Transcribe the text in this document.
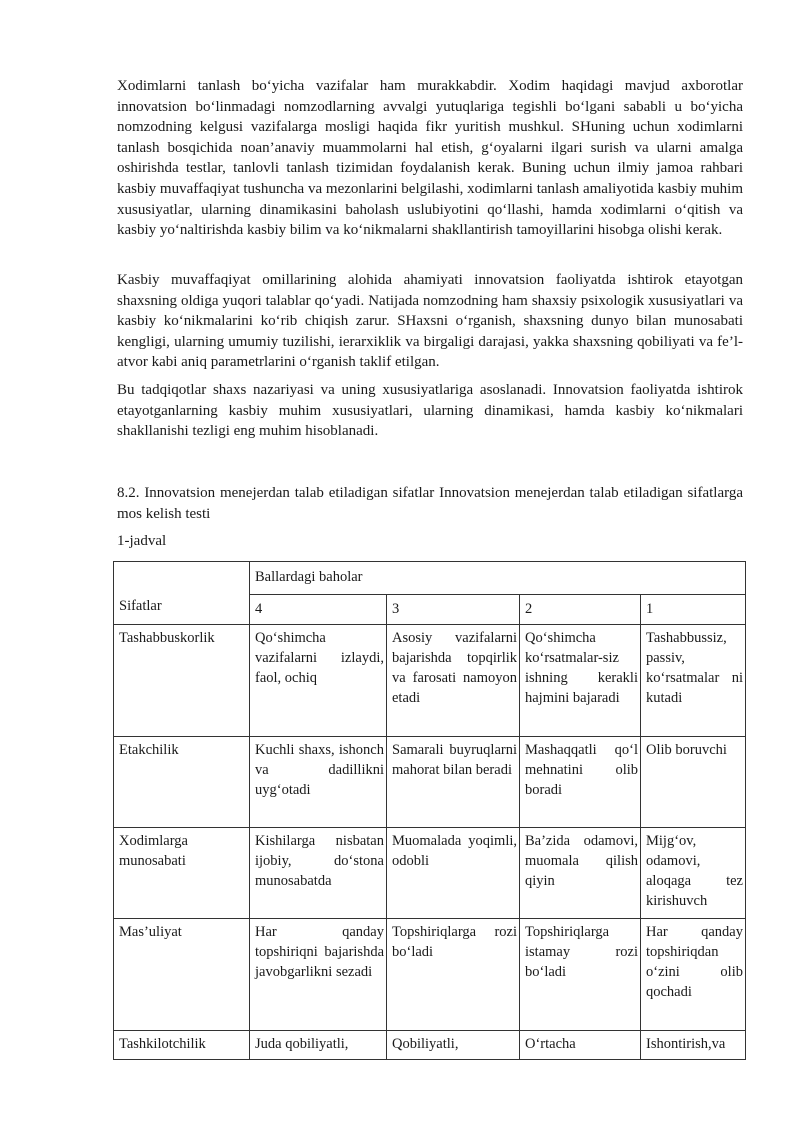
Xodimlarni tanlash bo‘yicha vazifalar ham murakkabdir. Xodim haqidagi mavjud axborotlar innovatsion bo‘linmadagi nomzodlarning avvalgi yutuqlariga tegishli bo‘lgani sababli u bo‘yicha nomzodning kelgusi vazifalarga mosligi haqida fikr yuritish mushkul. SHuning uchun xodimlarni tanlash bosqichida noan’anaviy muammolarni hal etish, g‘oyalarni ilgari surish va ularni amalga oshirishda testlar, tanlovli tanlash tizimidan foydalanish kerak. Buning uchun ilmiy jamoa rahbari kasbiy muvaffaqiyat tushuncha va mezonlarini belgilashi, xodimlarni tanlash amaliyotida kasbiy muhim xususiyatlar, ularning dinamikasini baholash uslubiyotini qo‘llashi, hamda xodimlarni o‘qitish va kasbiy yo‘naltirishda kasbiy bilim va ko‘nikmalarni shakllantirish tamoyillarini hisobga olishi kerak.

Kasbiy muvaffaqiyat omillarining alohida ahamiyati innovatsion faoliyatda ishtirok etayotgan shaxsning oldiga yuqori talablar qo‘yadi. Natijada nomzodning ham shaxsiy psixologik xususiyatlari va kasbiy ko‘nikmalarini ko‘rib chiqish zarur. SHaxsni o‘rganish, shaxsning dunyo bilan munosabati kengligi, ularning umumiy tuzilishi, ierarxiklik va birgaligi darajasi, yakka shaxsning qobiliyati va fe’l-atvor kabi aniq parametrlarini o‘rganish taklif etilgan.

Bu tadqiqotlar shaxs nazariyasi va uning xususiyatlariga asoslanadi. Innovatsion faoliyatda ishtirok etayotganlarning kasbiy muhim xususiyatlari, ularning dinamikasi, hamda kasbiy ko‘nikmalari shakllanishi tezligi eng muhim hisoblanadi.

8.2. Innovatsion menejerdan talab etiladigan sifatlar Innovatsion menejerdan talab etiladigan sifatlarga mos kelish testi

1-jadval

Sifatlar	Ballardagi baholar			
	4	3	2	1
Tashabbuskorlik	Qo‘shimcha vazifalarni izlaydi, faol, ochiq	Asosiy vazifalarni bajarishda topqirlik va farosati namoyon etadi	Qo‘shimcha ko‘rsatmalar-siz ishning kerakli hajmini bajaradi	Tashabbussiz, passiv, ko‘rsatmalar ni kutadi
Etakchilik	Kuchli shaxs, ishonch va dadillikni uyg‘otadi	Samarali buyruqlarni mahorat bilan beradi	Mashaqqatli qo‘l mehnatini olib boradi	Olib boruvchi
Xodimlarga munosabati	Kishilarga nisbatan ijobiy, do‘stona munosabatda	Muomalada yoqimli, odobli	Ba’zida odamovi, muomala qilish qiyin	Mijg‘ov, odamovi, aloqaga tez kirishuvch
Mas’uliyat	Har qanday topshiriqni bajarishda javobgarlikni sezadi	Topshiriqlarga rozi bo‘ladi	Topshiriqlarga istamay rozi bo‘ladi	Har qanday topshiriqdan o‘zini olib qochadi
Tashkilotchilik	Juda qobiliyatli,	Qobiliyatli,	O‘rtacha	Ishontirish,va
